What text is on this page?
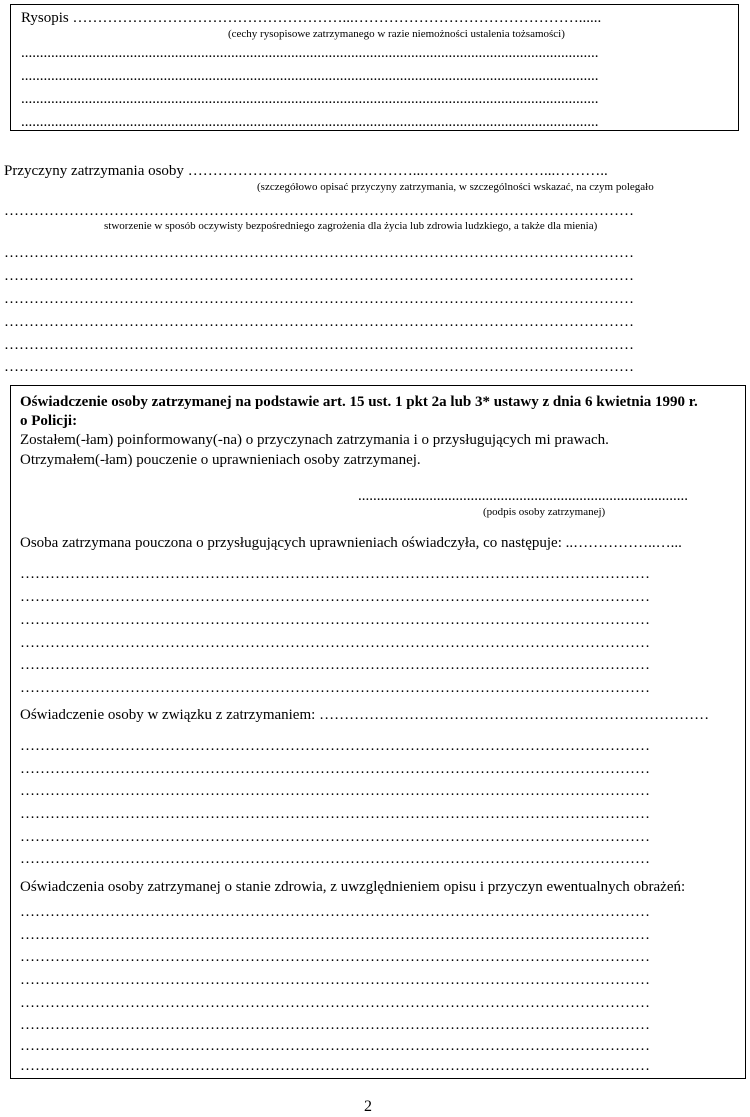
Rysopis ………………………………………………...………………………………………......
(cechy rysopisowe zatrzymanego w razie niemożności ustalenia tożsamości)
..........................................................................................................................................................
..........................................................................................................................................................
..........................................................................................................................................................
..........................................................................................................................................................
Przyczyny zatrzymania osoby ………………………………………...……………………...………..
(szczegółowo opisać przyczyny zatrzymania, w szczególności wskazać, na czym polegało
………………………………………………………………………………………………………………
stworzenie w sposób oczywisty bezpośredniego zagrożenia dla życia lub zdrowia ludzkiego, a także dla mienia)
………………………………………………………………………………………………………………
………………………………………………………………………………………………………………
………………………………………………………………………………………………………………
………………………………………………………………………………………………………………
………………………………………………………………………………………………………………
………………………………………………………………………………………………………………
Oświadczenie osoby zatrzymanej na podstawie art. 15 ust. 1 pkt 2a lub 3* ustawy z dnia 6 kwietnia 1990 r.
o Policji:
Zostałem(-łam) poinformowany(-na) o przyczynach zatrzymania i o przysługujących mi prawach.
Otrzymałem(-łam) pouczenie o uprawnieniach osoby zatrzymanej.
........................................................................................
(podpis osoby zatrzymanej)
Osoba zatrzymana pouczona o przysługujących uprawnieniach oświadczyła, co następuje: ..……………..…...
………………………………………………………………………………………………………………
………………………………………………………………………………………………………………
………………………………………………………………………………………………………………
………………………………………………………………………………………………………………
………………………………………………………………………………………………………………
………………………………………………………………………………………………………………
Oświadczenie osoby w związku z zatrzymaniem: ……………………………………………………………………
………………………………………………………………………………………………………………
………………………………………………………………………………………………………………
………………………………………………………………………………………………………………
………………………………………………………………………………………………………………
………………………………………………………………………………………………………………
………………………………………………………………………………………………………………
Oświadczenia osoby zatrzymanej o stanie zdrowia, z uwzględnieniem opisu i przyczyn ewentualnych obrażeń:
………………………………………………………………………………………………………………
………………………………………………………………………………………………………………
………………………………………………………………………………………………………………
………………………………………………………………………………………………………………
………………………………………………………………………………………………………………
………………………………………………………………………………………………………………
………………………………………………………………………………………………………………
………………………………………………………………………………………………………………
2
